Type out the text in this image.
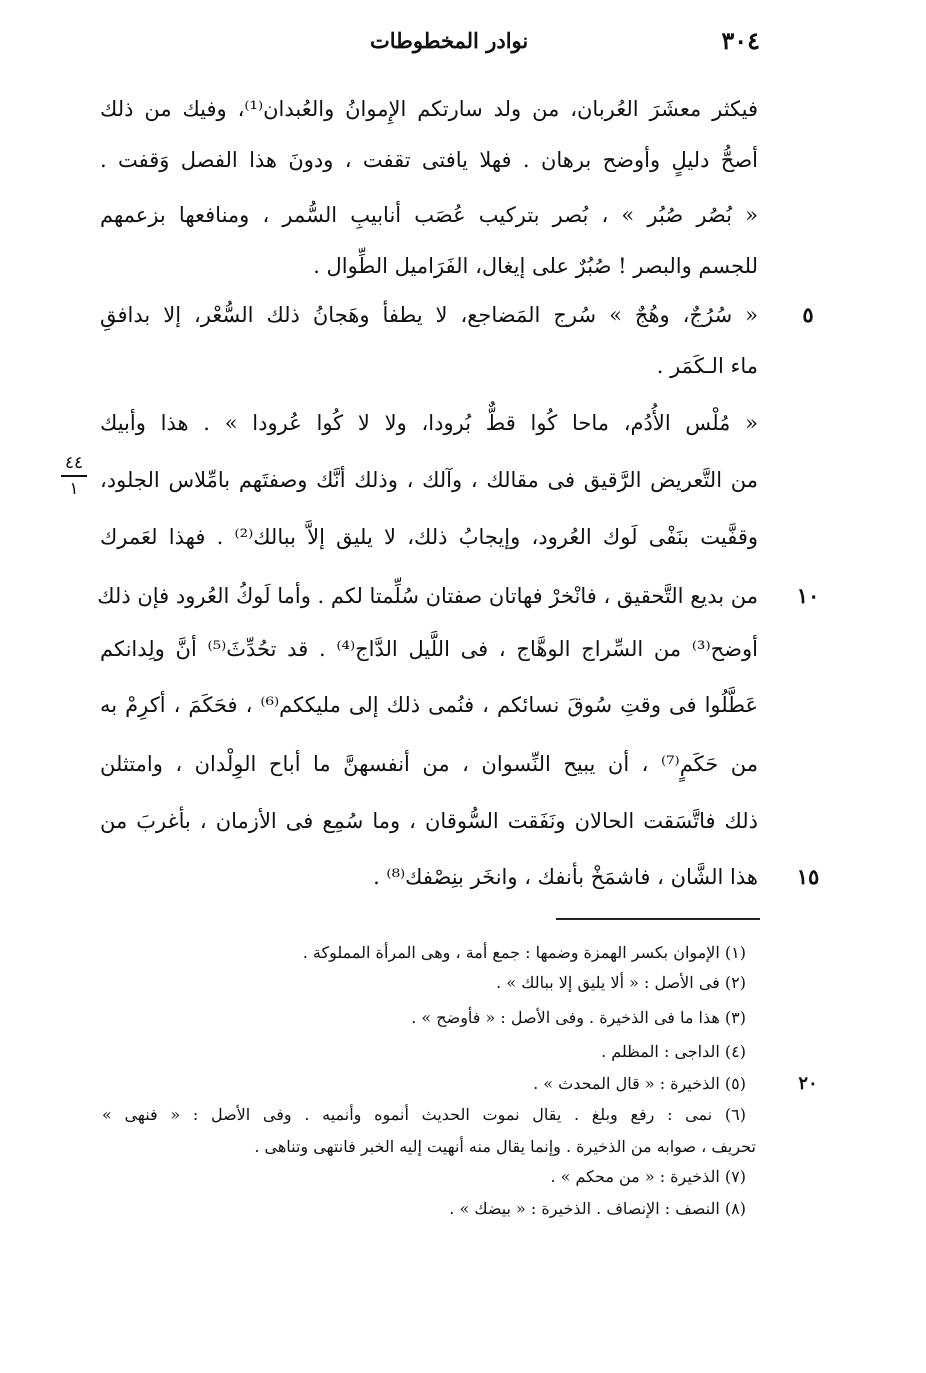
٣٠٤
نوادر المخطوطات
فيكثر معشَرَ العُربان، من ولد سارتكم الإِموانُ والعُبدان⁽¹⁾، وفيك من ذلك
أصحُّ دليلٍ وأوضح برهان . فهلا يافتى تقفت ، ودونَ هذا الفصل وَقفت .
« بُصُر صُبُر » ، بُصر بتركيب عُصَب أنابيبِ السُّمر ، ومنافعها بزعمهم
للجسم والبصر ! صُبُرٌ على إيغال، الفَرَاميل الطِّوال .
« سُرُجٌ، وهُجٌ » سُرج المَضاجع، لا يطفأ وهَجانُ ذلك السُّعْر، إلا بدافقِ
ماء الـكَمَر .
« مُلْس الأُدُم، ماحا كُوا قطٌّ بُرودا، ولا لا كُوا عُرودا » . هذا وأبيك
من التَّعريض الرَّقيق فى مقالك ، وآلك ، وذلك أنَّك وصفتَهم بامِّلاس الجلود،
وقفَّيت بنَفْى لَوك العُرود، وإيجابُ ذلك، لا يليق إلاَّ ببالك⁽²⁾ . فهذا لعَمرك
من بديع التَّحقيق ، فانْخرْ فهاتان صفتان سُلِّمتا لكم . وأما لَوكُ العُرود فإن ذلك
أوضح⁽³⁾ من السِّراج الوهَّاج ، فى اللَّيل الدَّاج⁽⁴⁾ . قد تحُدِّثَ⁽⁵⁾ أنَّ ولِدانكم
عَطَّلُوا فى وقتِ سُوقَ نسائكم ، فنُمى ذلك إلى مليككم⁽⁶⁾ ، فحَكَمَ ، أكرِمْ به
من حَكَمٍ⁽⁷⁾ ، أن يبيح النِّسوان ، من أنفسهنَّ ما أباح الوِلْدان ، وامتثلن
ذلك فاتَّسَقت الحالان ونَفَقت السُّوقان ، وما سُمِع فى الأزمان ، بأغربَ من
هذا الشَّان ، فاشمَخْ بأنفك ، وانخَر بنِصْفك⁽⁸⁾ .
٥
١٠
١٥
٤٤
١
(١) الإموان بكسر الهمزة وضمها : جمع أمة ، وهى المرأة المملوكة .
(٢) فى الأصل : « ألا يليق إلا ببالك » .
(٣) هذا ما فى الذخيرة . وفى الأصل : « فأوضح » .
(٤) الداجى : المظلم .
(٥) الذخيرة : « قال المحدث » .
(٦) نمى : رفع وبلغ . يقال نموت الحديث أنموه وأنميه . وفى الأصل : « فنهى »
تحريف ، صوابه من الذخيرة . وإنما يقال منه أنهيت إليه الخبر فانتهى وتناهى .
(٧) الذخيرة : « من محكم » .
(٨) النصف : الإنصاف . الذخيرة : « بيضك » .
٢٠
